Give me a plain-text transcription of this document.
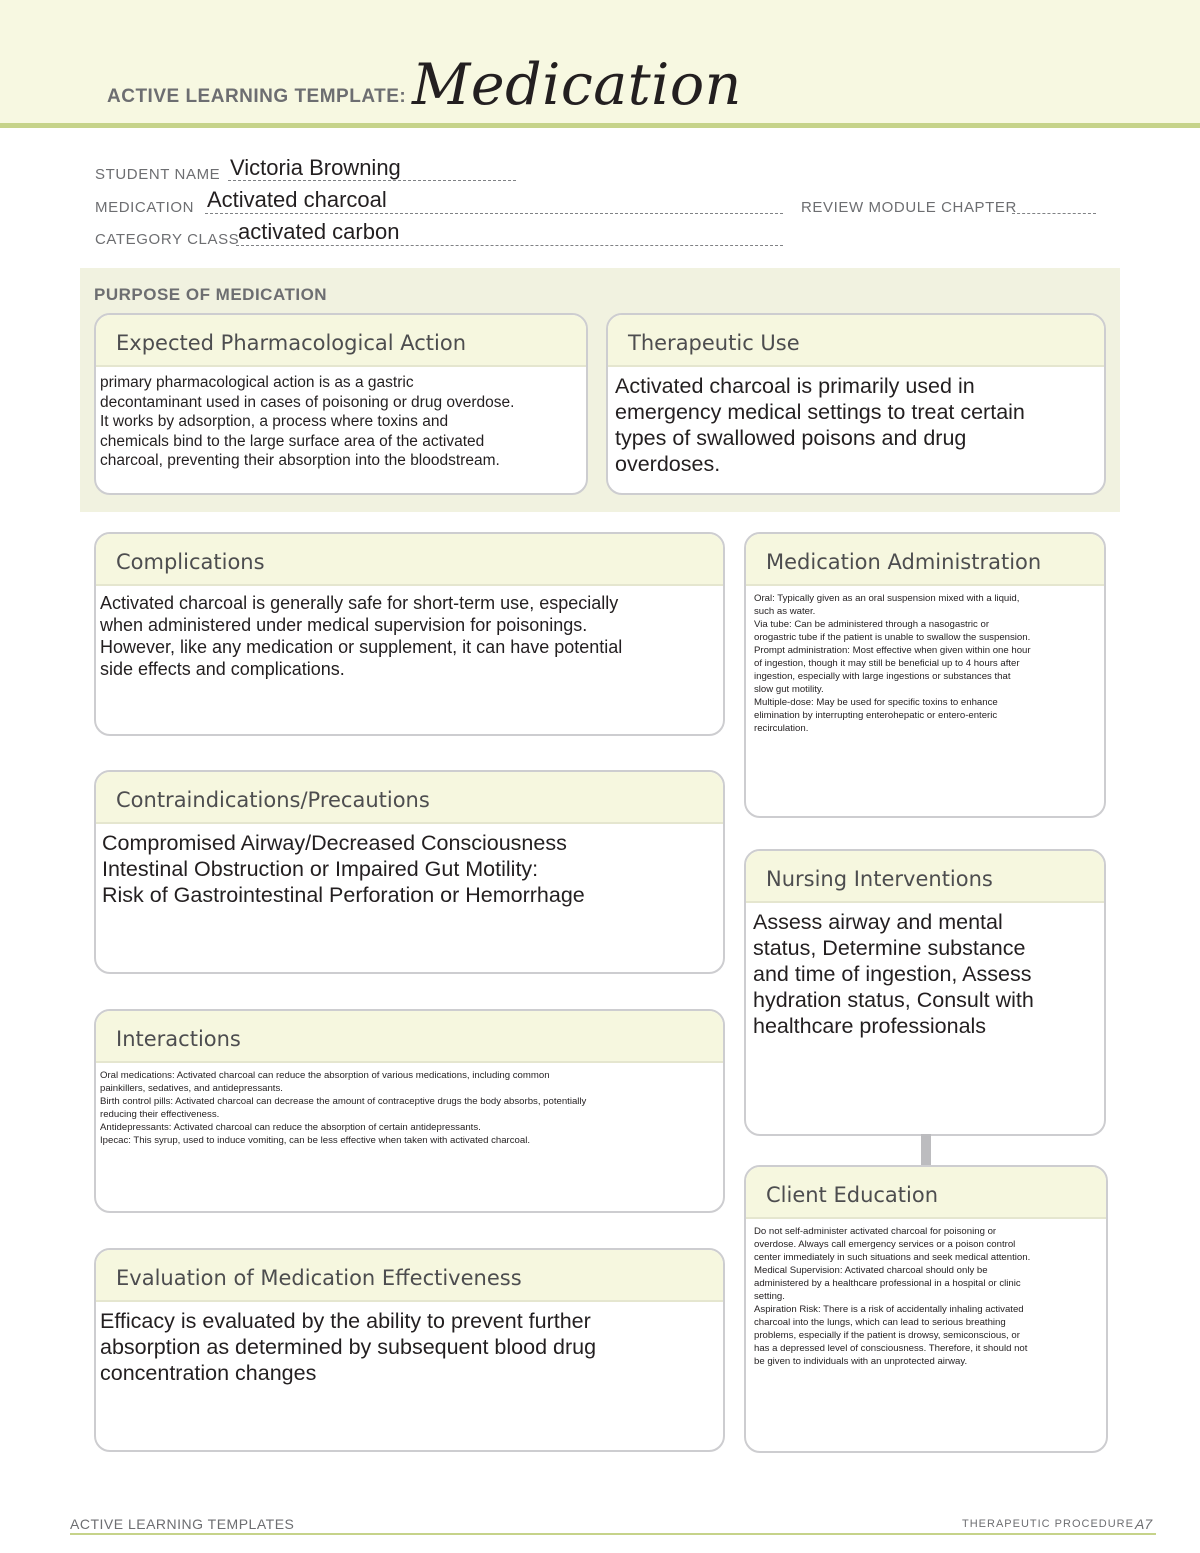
ACTIVE LEARNING TEMPLATE: Medication
STUDENT NAME Victoria Browning
MEDICATION Activated charcoal	REVIEW MODULE CHAPTER
CATEGORY CLASS
activated carbon
PURPOSE OF MEDICATION
Expected Pharmacological Action
primary pharmacological action is as a gastric
decontaminant used in cases of poisoning or drug overdose.
It works by adsorption, a process where toxins and
chemicals bind to the large surface area of the activated
charcoal, preventing their absorption into the bloodstream.
Therapeutic Use
Activated charcoal is primarily used in
emergency medical settings to treat certain
types of swallowed poisons and drug
overdoses.
Complications
Activated charcoal is generally safe for short-term use, especially
when administered under medical supervision for poisonings.
However, like any medication or supplement, it can have potential
side effects and complications.
Contraindications/Precautions
Compromised Airway/Decreased Consciousness
Intestinal Obstruction or Impaired Gut Motility:
Risk of Gastrointestinal Perforation or Hemorrhage
Interactions
Oral medications: Activated charcoal can reduce the absorption of various medications, including common
painkillers, sedatives, and antidepressants.
Birth control pills: Activated charcoal can decrease the amount of contraceptive drugs the body absorbs, potentially
reducing their effectiveness.
Antidepressants: Activated charcoal can reduce the absorption of certain antidepressants.
Ipecac: This syrup, used to induce vomiting, can be less effective when taken with activated charcoal.
Evaluation of Medication Effectiveness
Efficacy is evaluated by the ability to prevent further
absorption as determined by subsequent blood drug
concentration changes
Medication Administration
Oral: Typically given as an oral suspension mixed with a liquid,
such as water.
Via tube: Can be administered through a nasogastric or
orogastric tube if the patient is unable to swallow the suspension.
Prompt administration: Most effective when given within one hour
of ingestion, though it may still be beneficial up to 4 hours after
ingestion, especially with large ingestions or substances that
slow gut motility.
Multiple-dose: May be used for specific toxins to enhance
elimination by interrupting enterohepatic or entero-enteric
recirculation.
Nursing Interventions
Assess airway and mental
status, Determine substance
and time of ingestion, Assess
hydration status, Consult with
healthcare professionals
Client Education
Do not self-administer activated charcoal for poisoning or
overdose. Always call emergency services or a poison control
center immediately in such situations and seek medical attention.
Medical Supervision: Activated charcoal should only be
administered by a healthcare professional in a hospital or clinic
setting.
Aspiration Risk: There is a risk of accidentally inhaling activated
charcoal into the lungs, which can lead to serious breathing
problems, especially if the patient is drowsy, semiconscious, or
has a depressed level of consciousness. Therefore, it should not
be given to individuals with an unprotected airway.
ACTIVE LEARNING TEMPLATES	THERAPEUTIC PROCEDURE A7
